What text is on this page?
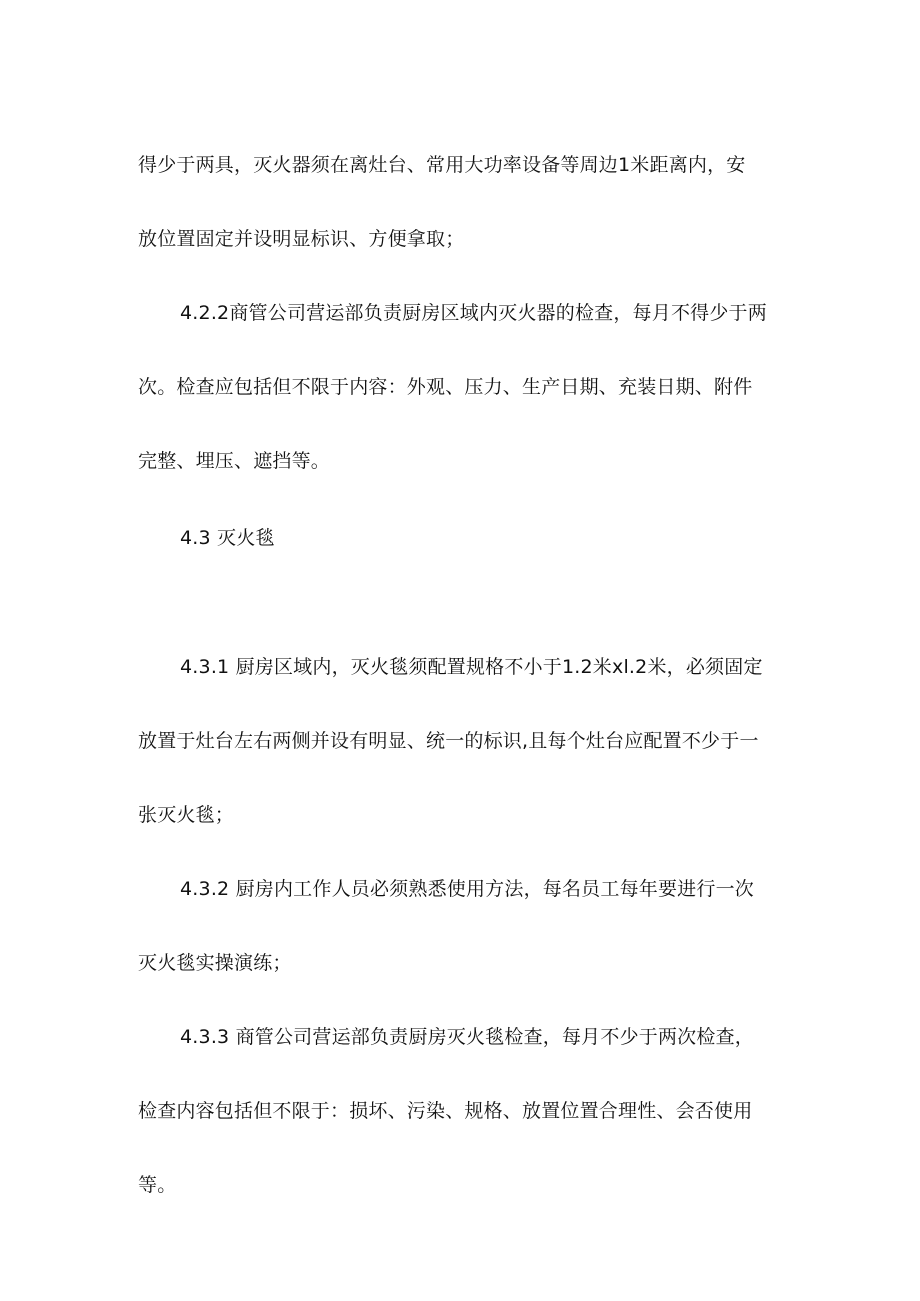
得少于两具，灭火器须在离灶台、常用大功率设备等周边1米距离内，安
放位置固定并设明显标识、方便拿取；
4.2.2商管公司营运部负责厨房区域内灭火器的检查，每月不得少于两
次。检查应包括但不限于内容：外观、压力、生产日期、充装日期、附件
完整、埋压、遮挡等。
4.3 灭火毯
4.3.1 厨房区域内，灭火毯须配置规格不小于1.2米xl.2米，必须固定
放置于灶台左右两侧并设有明显、统一的标识,且每个灶台应配置不少于一
张灭火毯；
4.3.2 厨房内工作人员必须熟悉使用方法，每名员工每年要进行一次
灭火毯实操演练；
4.3.3 商管公司营运部负责厨房灭火毯检查，每月不少于两次检查，
检查内容包括但不限于：损坏、污染、规格、放置位置合理性、会否使用
等。
